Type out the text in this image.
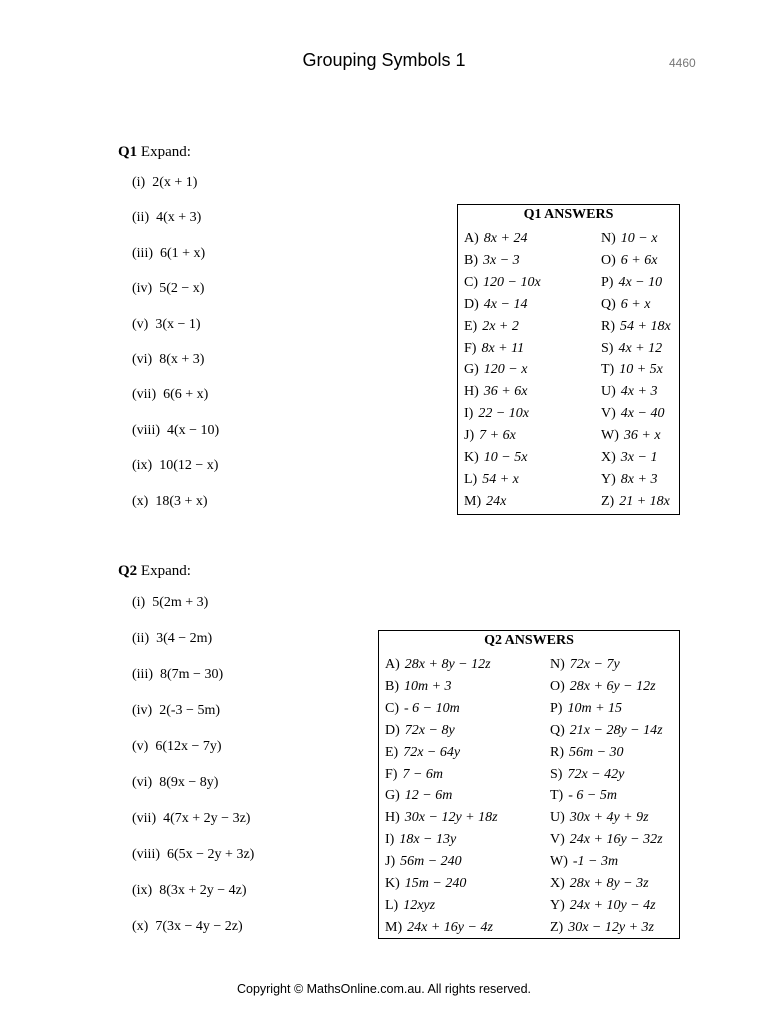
Grouping Symbols 1	4460
Q1 Expand:
(i) 2(x + 1)
(ii) 4(x + 3)
(iii) 6(1 + x)
(iv) 5(2 − x)
(v) 3(x − 1)
(vi) 8(x + 3)
(vii) 6(6 + x)
(viii) 4(x − 10)
(ix) 10(12 − x)
(x) 18(3 + x)
Q1 ANSWERS
A) 8x + 24
B) 3x − 3
C) 120 − 10x
D) 4x − 14
E) 2x + 2
F) 8x + 11
G) 120 − x
H) 36 + 6x
I) 22 − 10x
J) 7 + 6x
K) 10 − 5x
L) 54 + x
M) 24x
N) 10 − x
O) 6 + 6x
P) 4x − 10
Q) 6 + x
R) 54 + 18x
S) 4x + 12
T) 10 + 5x
U) 4x + 3
V) 4x − 40
W) 36 + x
X) 3x − 1
Y) 8x + 3
Z) 21 + 18x
Q2 Expand:
(i) 5(2m + 3)
(ii) 3(4 − 2m)
(iii) 8(7m − 30)
(iv) 2(-3 − 5m)
(v) 6(12x − 7y)
(vi) 8(9x − 8y)
(vii) 4(7x + 2y − 3z)
(viii) 6(5x − 2y + 3z)
(ix) 8(3x + 2y − 4z)
(x) 7(3x − 4y − 2z)
Q2 ANSWERS
A) 28x + 8y − 12z
B) 10m + 3
C) - 6 − 10m
D) 72x − 8y
E) 72x − 64y
F) 7 − 6m
G) 12 − 6m
H) 30x − 12y + 18z
I) 18x − 13y
J) 56m − 240
K) 15m − 240
L) 12xyz
M) 24x + 16y − 4z
N) 72x − 7y
O) 28x + 6y − 12z
P) 10m + 15
Q) 21x − 28y − 14z
R) 56m − 30
S) 72x − 42y
T) - 6 − 5m
U) 30x + 4y + 9z
V) 24x + 16y − 32z
W) -1 − 3m
X) 28x + 8y − 3z
Y) 24x + 10y − 4z
Z) 30x − 12y + 3z
Copyright © MathsOnline.com.au. All rights reserved.
